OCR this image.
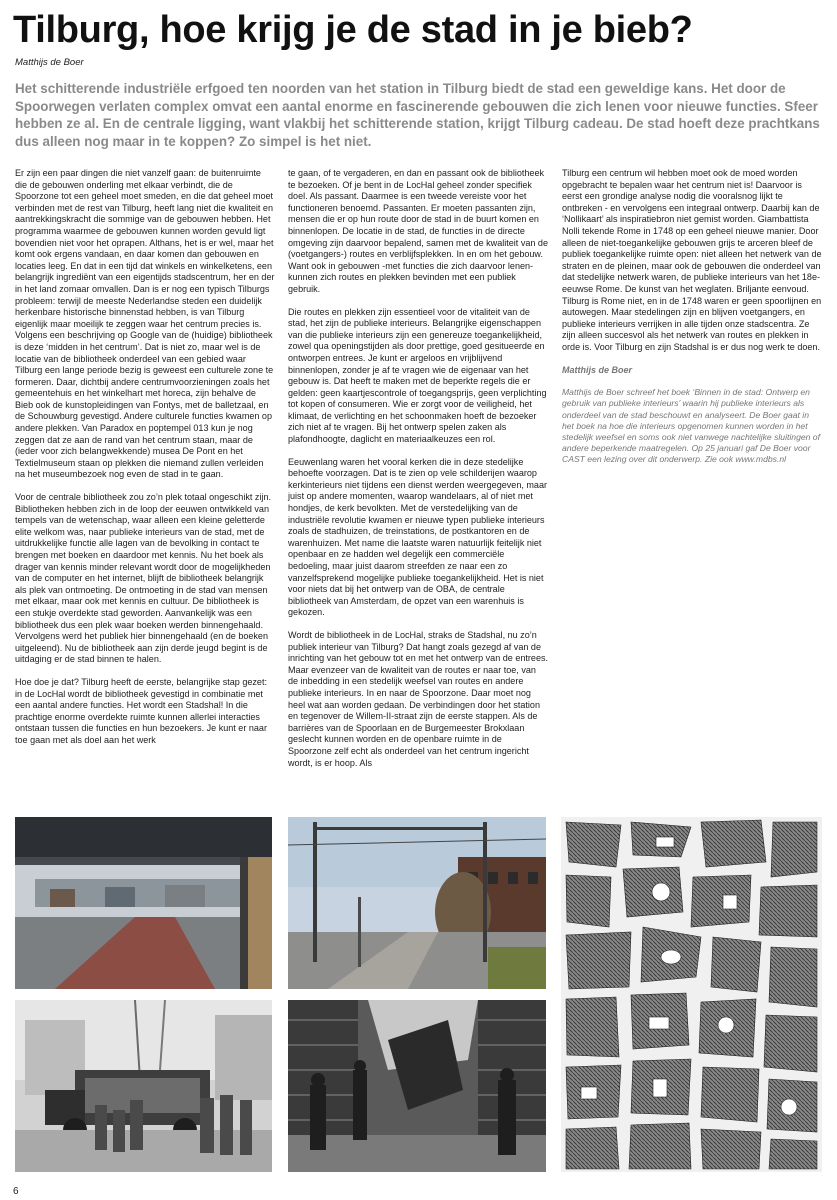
Tilburg, hoe krijg je de stad in je bieb?

Matthijs de Boer

Het schitterende industriële erfgoed ten noorden van het station in Tilburg biedt de stad een geweldige kans. Het door de Spoorwegen verlaten complex omvat een aantal enorme en fascinerende gebouwen die zich lenen voor nieuwe functies. Sfeer hebben ze al. En de centrale ligging, want vlakbij het schitterende station, krijgt Tilburg cadeau. De stad hoeft deze prachtkans dus alleen nog maar in te koppen? Zo simpel is het niet.

Er zijn een paar dingen die niet vanzelf gaan: de buitenruimte die de gebouwen onderling met elkaar verbindt, die de Spoorzone tot een geheel moet smeden, en die dat geheel moet verbinden met de rest van Tilburg, heeft lang niet die kwaliteit en aantrekkingskracht die sommige van de gebouwen hebben. Het programma waarmee de gebouwen kunnen worden gevuld ligt bovendien niet voor het oprapen. Althans, het is er wel, maar het komt ook ergens vandaan, en daar komen dan gebouwen en locaties leeg. En dat in een tijd dat winkels en winkelketens, een belangrijk ingrediënt van een eigentijds stadscentrum, her en der in het land zomaar omvallen. Dan is er nog een typisch Tilburgs probleem: terwijl de meeste Nederlandse steden een duidelijk herkenbare historische binnenstad hebben, is van Tilburg eigenlijk maar moeilijk te zeggen waar het centrum precies is. Volgens een beschrijving op Google van de (huidige) bibliotheek is deze ‘midden in het centrum’. Dat is niet zo, maar wel is de locatie van de bibliotheek onderdeel van een gebied waar Tilburg een lange periode bezig is geweest een culturele zone te formeren. Daar, dichtbij andere centrumvoorzieningen zoals het gemeentehuis en het winkelhart met horeca, zijn behalve de Bieb ook de kunstopleidingen van Fontys, met de balletzaal, en de Schouwburg gevestigd. Andere culturele functies kwamen op andere plekken. Van Paradox en poptempel 013 kun je nog zeggen dat ze aan de rand van het centrum staan, maar de (ieder voor zich belangwekkende) musea De Pont en het Textielmuseum staan op plekken die niemand zullen verleiden na het museumbezoek nog even de stad in te gaan.

Voor de centrale bibliotheek zou zo’n plek totaal ongeschikt zijn. Bibliotheken hebben zich in de loop der eeuwen ontwikkeld van tempels van de wetenschap, waar alleen een kleine geletterde elite welkom was, naar publieke interieurs van de stad, met de uitdrukkelijke functie alle lagen van de bevolking in contact te brengen met boeken en daardoor met kennis. Nu het boek als drager van kennis minder relevant wordt door de mogelijkheden van de computer en het internet, blijft de bibliotheek belangrijk als plek van ontmoeting. De ontmoeting in de stad van mensen met elkaar, maar ook met kennis en cultuur. De bibliotheek is een stukje overdekte stad geworden. Aanvankelijk was een bibliotheek dus een plek waar boeken werden binnengehaald. Vervolgens werd het publiek hier binnengehaald (en de boeken uitgeleend). Nu de bibliotheek aan zijn derde jeugd begint is de uitdaging er de stad binnen te halen.

Hoe doe je dat? Tilburg heeft de eerste, belangrijke stap gezet: in de LocHal wordt de bibliotheek gevestigd in combinatie met een aantal andere functies. Het wordt een Stadshal! In die prachtige enorme overdekte ruimte kunnen allerlei interacties ontstaan tussen die functies en hun bezoekers. Je kunt er naar toe gaan met als doel aan het werk

te gaan, of te vergaderen, en dan en passant ook de bibliotheek te bezoeken. Of je bent in de LocHal geheel zonder specifiek doel. Als passant. Daarmee is een tweede vereiste voor het functioneren benoemd. Passanten. Er moeten passanten zijn, mensen die er op hun route door de stad in de buurt komen en binnenlopen. De locatie in de stad, de functies in de directe omgeving zijn daarvoor bepalend, samen met de kwaliteit van de (voetgangers-) routes en verblijfsplekken. In en om het gebouw. Want ook in gebouwen -met functies die zich daarvoor lenen- kunnen zich routes en plekken bevinden met een publiek gebruik.

Die routes en plekken zijn essentieel voor de vitaliteit van de stad, het zijn de publieke interieurs. Belangrijke eigenschappen van die publieke interieurs zijn een genereuze toegankelijkheid, zowel qua openingstijden als door prettige, goed gesitueerde en ontworpen entrees. Je kunt er argeloos en vrijblijvend binnenlopen, zonder je af te vragen wie de eigenaar van het gebouw is. Dat heeft te maken met de beperkte regels die er gelden: geen kaartjescontrole of toegangsprijs, geen verplichting tot kopen of consumeren. Wie er zorgt voor de veiligheid, het klimaat, de verlichting en het schoonmaken hoeft de bezoeker zich niet af te vragen. Bij het ontwerp spelen zaken als plafondhoogte, daglicht en materiaalkeuzes een rol.

Eeuwenlang waren het vooral kerken die in deze stedelijke behoefte voorzagen. Dat is te zien op vele schilderijen waarop kerkinterieurs niet tijdens een dienst werden weergegeven, maar juist op andere momenten, waarop wandelaars, al of niet met hondjes, de kerk bevolkten. Met de verstedelijking van de industriële revolutie kwamen er nieuwe typen publieke interieurs zoals de stadhuizen, de treinstations, de postkantoren en de warenhuizen. Met name die laatste waren natuurlijk feitelijk niet openbaar en ze hadden wel degelijk een commerciële bedoeling, maar juist daarom streefden ze naar een zo vanzelfsprekend mogelijke publieke toegankelijkheid. Het is niet voor niets dat bij het ontwerp van de OBA, de centrale bibliotheek van Amsterdam, de opzet van een warenhuis is gekozen.

Wordt de bibliotheek in de LocHal, straks de Stadshal, nu zo’n publiek interieur van Tilburg? Dat hangt zoals gezegd af van de inrichting van het gebouw tot en met het ontwerp van de entrees. Maar evenzeer van de kwaliteit van de routes er naar toe, van de inbedding in een stedelijk weefsel van routes en andere publieke interieurs. In en naar de Spoorzone. Daar moet nog heel wat aan worden gedaan. De verbindingen door het station en tegenover de Willem-II-straat zijn de eerste stappen. Als de barrières van de Spoorlaan en de Burgemeester Brokxlaan geslecht kunnen worden en de openbare ruimte in de Spoorzone zelf echt als onderdeel van het centrum ingericht wordt, is er hoop. Als

Tilburg een centrum wil hebben moet ook de moed worden opgebracht te bepalen waar het centrum niet is! Daarvoor is eerst een grondige analyse nodig die vooralsnog lijkt te ontbreken - en vervolgens een integraal ontwerp. Daarbij kan de ‘Nollikaart’ als inspiratiebron niet gemist worden. Giambattista Nolli tekende Rome in 1748 op een geheel nieuwe manier. Door alleen de niet-toegankelijke gebouwen grijs te arceren bleef de publiek toegankelijke ruimte open: niet alleen het netwerk van de straten en de pleinen, maar ook de gebouwen die onderdeel van dat stedelijke netwerk waren, de publieke interieurs van het 18e-eeuwse Rome. De kunst van het weglaten. Briljante eenvoud.
Tilburg is Rome niet, en in de 1748 waren er geen spoorlijnen en autowegen. Maar stedelingen zijn en blijven voetgangers, en publieke interieurs verrijken in alle tijden onze stadscentra. Ze zijn alleen succesvol als het netwerk van routes en plekken in orde is. Voor Tilburg en zijn Stadshal is er dus nog werk te doen.

Matthijs de Boer

Matthijs de Boer schreef het boek ‘Binnen in de stad: Ontwerp en gebruik van publieke interieurs’ waarin hij publieke interieurs als onderdeel van de stad beschouwt en analyseert. De Boer gaat in het boek na hoe die interieurs opgenomen kunnen worden in het stedelijk weefsel en soms ook niet vanwege nachtelijke sluitingen of andere beperkende maatregelen. Op 25 januari gaf De Boer voor CAST een lezing over dit onderwerp. Zie ook www.mdbs.nl

6
